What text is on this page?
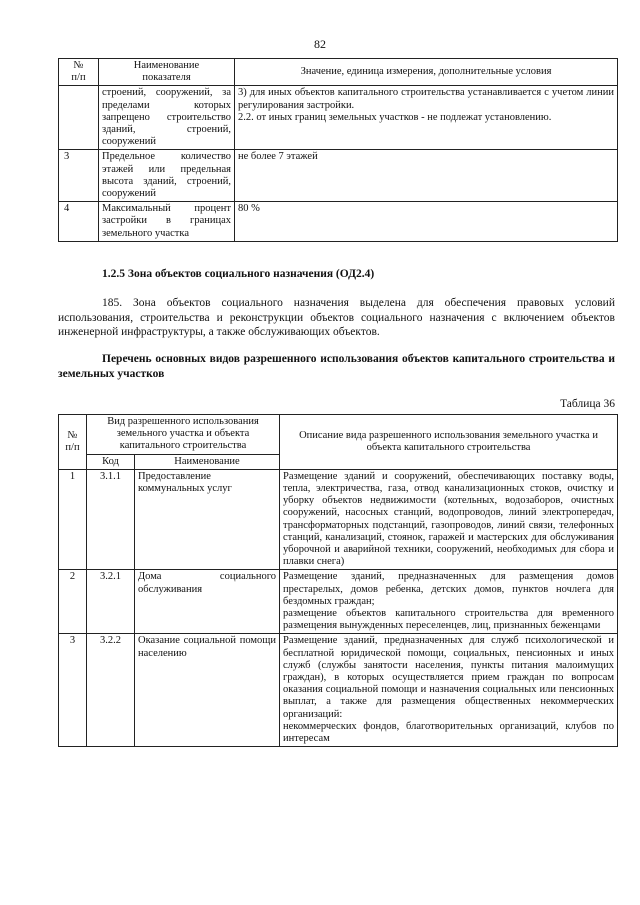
82
№
п/п	Наименование
показателя	Значение, единица измерения, дополнительные условия
	строений, сооружений, за пределами которых запрещено строительство зданий, строений, сооружений	3) для иных объектов капитального строительства устанавливается с учетом линии регулирования застройки.
2.2. от иных границ земельных участков - не подлежат установлению.
3	Предельное количество этажей или предельная высота зданий, строений, сооружений	не более 7 этажей
4	Максимальный процент застройки в границах земельного участка	80 %
1.2.5 Зона объектов социального назначения (ОД2.4)
185. Зона объектов социального назначения выделена для обеспечения правовых условий использования, строительства и реконструкции объектов социального назначения с включением объектов инженерной инфраструктуры, а также обслуживающих объектов.
Перечень основных видов разрешенного использования объектов капитального строительства и земельных участков
Таблица 36
№
п/п	Вид разрешенного использования земельного участка и объекта капитального строительства		Описание вида разрешенного использования земельного участка и объекта капитального строительства
	Код	Наименование	
1	3.1.1	Предоставление коммунальных услуг	Размещение зданий и сооружений, обеспечивающих поставку воды, тепла, электричества, газа, отвод канализационных стоков, очистку и уборку объектов недвижимости (котельных, водозаборов, очистных сооружений, насосных станций, водопроводов, линий электропередач, трансформаторных подстанций, газопроводов, линий связи, телефонных станций, канализаций, стоянок, гаражей и мастерских для обслуживания уборочной и аварийной техники, сооружений, необходимых для сбора и плавки снега)
2	3.2.1	Дома социального обслуживания	Размещение зданий, предназначенных для размещения домов престарелых, домов ребенка, детских домов, пунктов ночлега для бездомных граждан;
размещение объектов капитального строительства для временного размещения вынужденных переселенцев, лиц, признанных беженцами
3	3.2.2	Оказание социальной помощи населению	Размещение зданий, предназначенных для служб психологической и бесплатной юридической помощи, социальных, пенсионных и иных служб (службы занятости населения, пункты питания малоимущих граждан), в которых осуществляется прием граждан по вопросам оказания социальной помощи и назначения социальных или пенсионных выплат, а также для размещения общественных некоммерческих организаций:
некоммерческих фондов, благотворительных организаций, клубов по интересам
